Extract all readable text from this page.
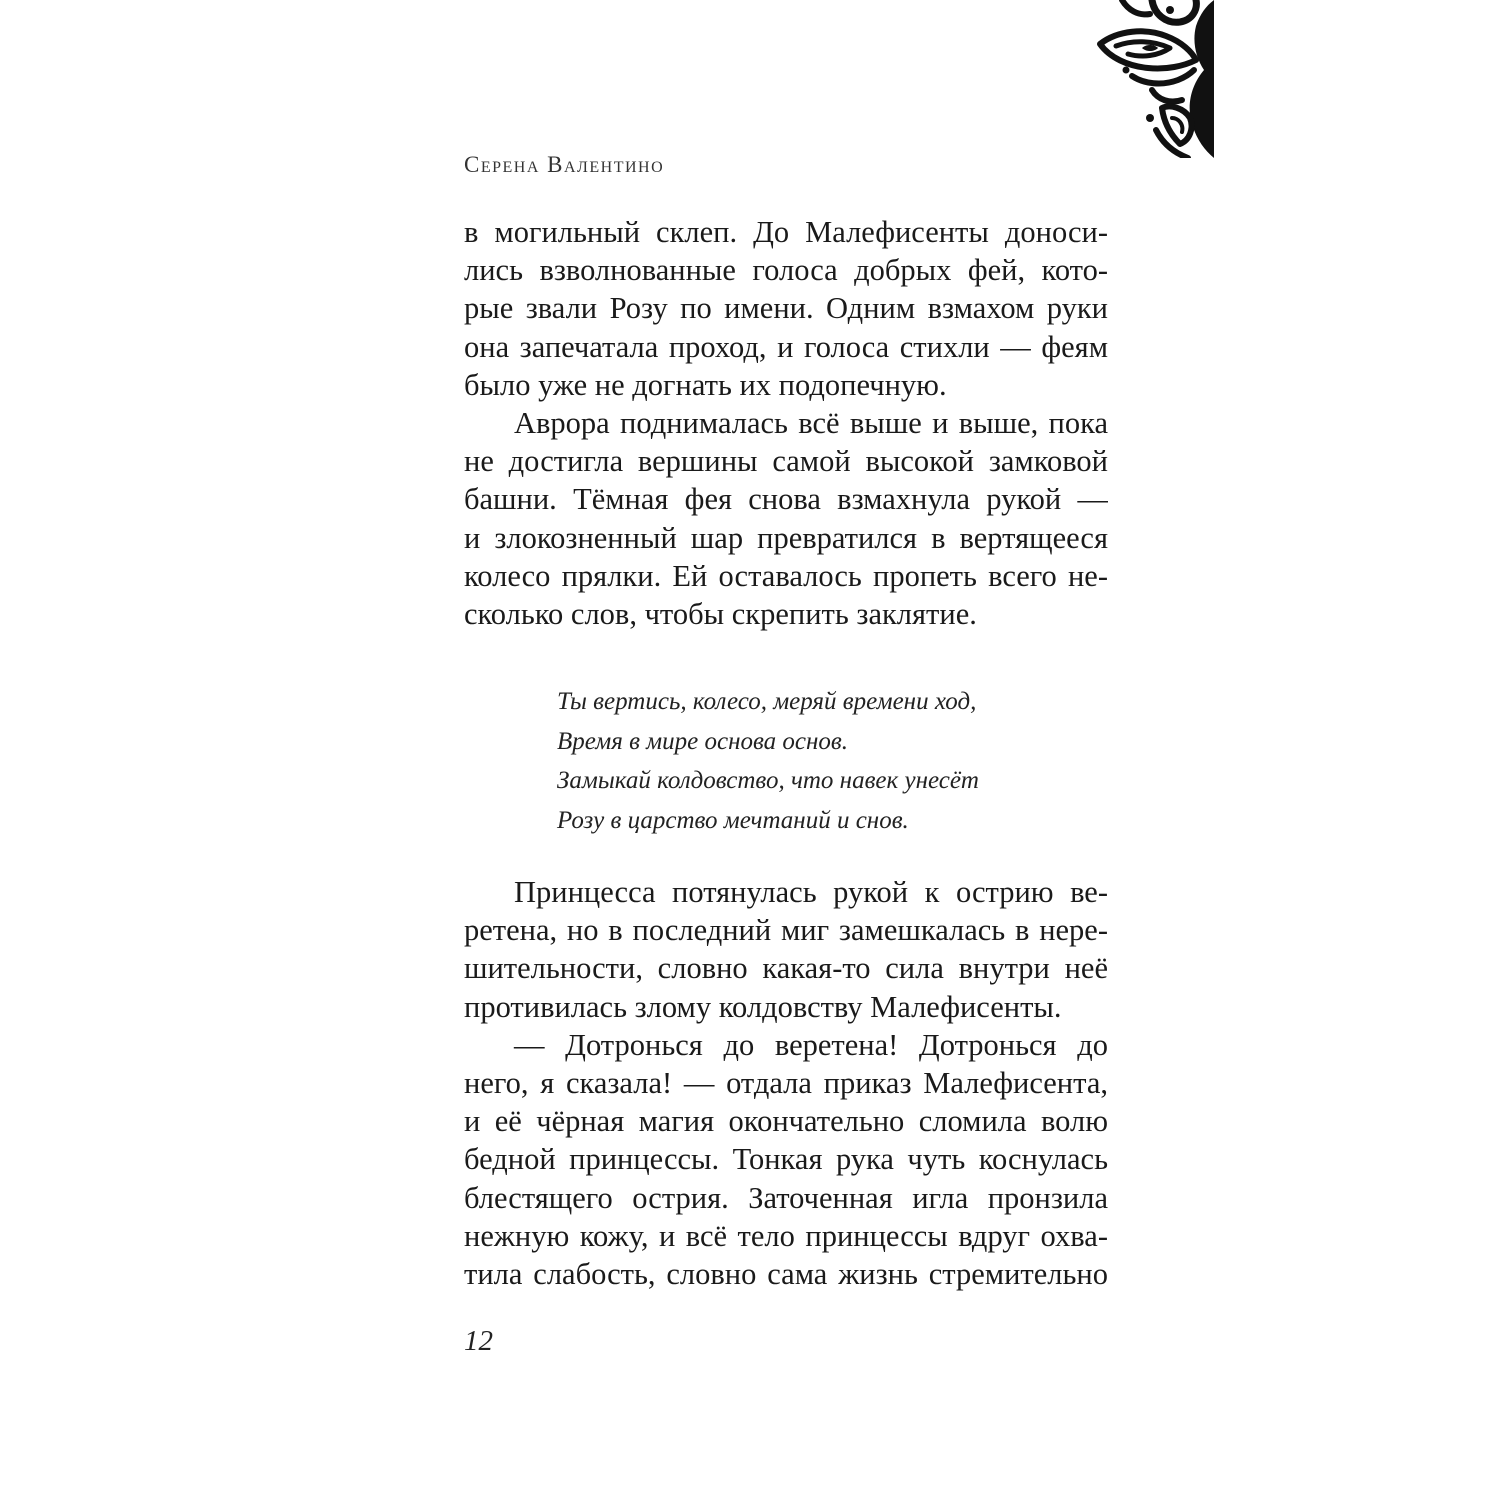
Серена Валентино
в могильный склеп. До Малефисенты доноси-
лись взволнованные голоса добрых фей, кото-
рые звали Розу по имени. Одним взмахом руки
она запечатала проход, и голоса стихли — феям
было уже не догнать их подопечную.
Аврора поднималась всё выше и выше, пока
не достигла вершины самой высокой замковой
башни. Тёмная фея снова взмахнула рукой —
и злокозненный шар превратился в вертящееся
колесо прялки. Ей оставалось пропеть всего не-
сколько слов, чтобы скрепить заклятие.
Ты вертись, колесо, меряй времени ход,
Время в мире основа основ.
Замыкай колдовство, что навек унесёт
Розу в царство мечтаний и снов.
Принцесса потянулась рукой к острию ве-
ретена, но в последний миг замешкалась в нере-
шительности, словно какая-то сила внутри неё
противилась злому колдовству Малефисенты.
— Дотронься до веретена! Дотронься до
него, я сказала! — отдала приказ Малефисента,
и её чёрная магия окончательно сломила волю
бедной принцессы. Тонкая рука чуть коснулась
блестящего острия. Заточенная игла пронзила
нежную кожу, и всё тело принцессы вдруг охва-
тила слабость, словно сама жизнь стремительно
12
